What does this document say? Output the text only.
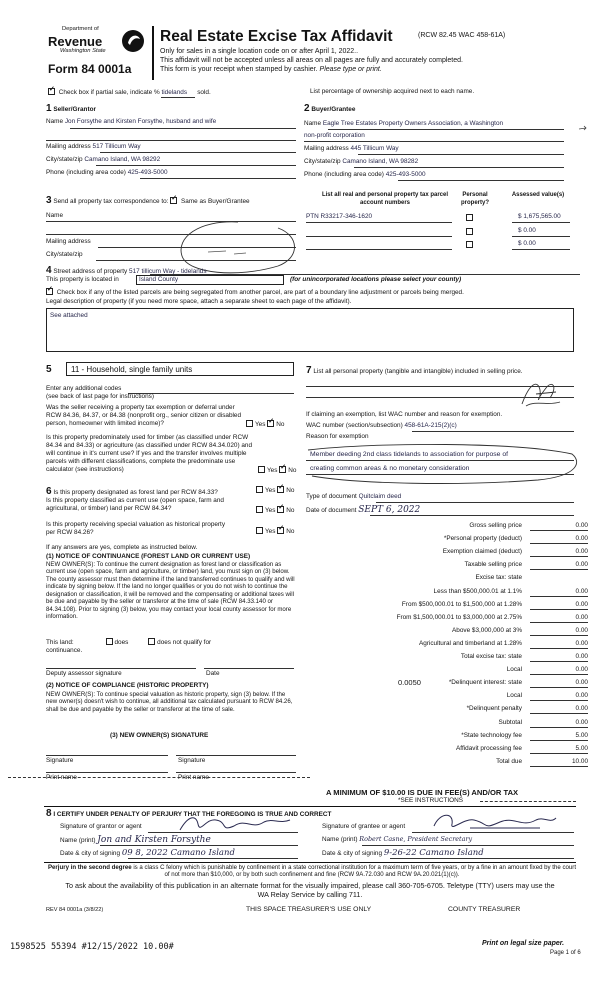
Department of
Revenue
Washington State
Form 84 0001a
Real Estate Excise Tax Affidavit	(RCW 82.45 WAC 458-61A)
Only for sales in a single location code on or after April 1, 2022..
This affidavit will not be accepted unless all areas on all pages are fully and accurately completed.
This form is your receipt when stamped by cashier. Please type or print.
✓ Check box if partial sale, indicate % tidelands sold.	List percentage of ownership acquired next to each name.
1 Seller/Grantor
Name Jon Forsythe and Kirsten Forsythe, husband and wife
Mailing address 517 Tillicum Way
City/state/zip Camano Island, WA 98292
Phone (including area code) 425-493-5000
2 Buyer/Grantee
Name Eagle Tree Estates Property Owners Association, a Washington
non-profit corporation
Mailing address 445 Tillicum Way
City/state/zip Camano Island, WA 98282
Phone (including area code) 425-493-5000
3 Send all property tax correspondence to: ✓ Same as Buyer/Grantee
Name
Mailing address
City/state/zip
List all real and personal property tax parcel account numbers
Personal property?
Assessed value(s)
PTN R33217-346-1620	$ 1,675,565.00
$ 0.00
$ 0.00
4 Street address of property 517 tillicum Way - tidelands
This property is located in	Island County	(for unincorporated locations please select your county)
✓ Check box if any of the listed parcels are being segregated from another parcel, are part of a boundary line adjustment or parcels being merged.
Legal description of property (if you need more space, attach a separate sheet to each page of the affidavit).
See attached
5	11 - Household, single family units
Enter any additional codes
(see back of last page for instructions)
Was the seller receiving a property tax exemption or deferral under RCW 84.36, 84.37, or 84.38 (nonprofit org., senior citizen or disabled person, homeowner with limited income)?	Yes ✓ No
Is this property predominately used for timber (as classified under RCW 84.34 and 84.33) or agriculture (as classified under RCW 84.34.020) and will continue in it's current use? If yes and the transfer involves multiple parcels with different classifications, complete the predominate use calculator (see instructions)	Yes ✓ No
6 Is this property designated as forest land per RCW 84.33?	Yes ✓ No
Is this property classified as current use (open space, farm and agricultural, or timber) land per RCW 84.34?	Yes ✓ No
Is this property receiving special valuation as historical property per RCW 84.26?	Yes ✓ No
If any answers are yes, complete as instructed below.
(1) NOTICE OF CONTINUANCE (FOREST LAND OR CURRENT USE)
NEW OWNER(S): To continue the current designation as forest land or classification as current use (open space, farm and agriculture, or timber) land, you must sign on (3) below. The county assessor must then determine if the land transferred continues to qualify and will indicate by signing below. If the land no longer qualifies or you do not wish to continue the designation or classification, it will be removed and the compensating or additional taxes will be due and payable by the seller or transferor at the time of sale (RCW 84.33.140 or 84.34.108). Prior to signing (3) below, you may contact your local county assessor for more information.
This land:	does	does not qualify for
continuance.
Deputy assessor signature	Date
(2) NOTICE OF COMPLIANCE (HISTORIC PROPERTY)
NEW OWNER(S): To continue special valuation as historic property, sign (3) below. If the new owner(s) doesn't wish to continue, all additional tax calculated pursuant to RCW 84.26, shall be due and payable by the seller or transferor at the time of sale.
(3) NEW OWNER(S) SIGNATURE
Signature	Signature
Print name	Print name
7 List all personal property (tangible and intangible) included in selling price.
If claiming an exemption, list WAC number and reason for exemption.
WAC number (section/subsection) 458-61A-215(2)(c)
Reason for exemption
Member deeding 2nd class tidelands to association for purpose of
creating common areas & no monetary consideration
Type of document Quitclaim deed
Date of document SEPT 6, 2022
Gross selling price	0.00
*Personal property (deduct)	0.00
Exemption claimed (deduct)	0.00
Taxable selling price	0.00
Excise tax: state
Less than $500,000.01 at 1.1%	0.00
From $500,000.01 to $1,500,000 at 1.28%	0.00
From $1,500,000.01 to $3,000,000 at 2.75%	0.00
Above $3,000,000 at 3%	0.00
Agricultural and timberland at 1.28%	0.00
Total excise tax: state	0.00
Local	0.00
*Delinquent interest: state	0.00
Local	0.00
*Delinquent penalty	0.00
Subtotal	0.00
*State technology fee	5.00
Affidavit processing fee	5.00
Total due	10.00
0.0050
A MINIMUM OF $10.00 IS DUE IN FEE(S) AND/OR TAX
*SEE INSTRUCTIONS
8 I CERTIFY UNDER PENALTY OF PERJURY THAT THE FOREGOING IS TRUE AND CORRECT
Signature of grantor or agent
Name (print) Jon and Kirsten Forsythe
Date & city of signing 09 8, 2022 Camano Island
Signature of grantee or agent
Name (print) Robert Casne, President Secretary
Date & city of signing 9-26-22 Camano Island
Perjury in the second degree is a class C felony which is punishable by confinement in a state correctional institution for a maximum term of five years, or by a fine in an amount fixed by the court of not more than $10,000, or by both such confinement and fine (RCW 9A.72.030 and RCW 9A.20.021(1)(c)).
To ask about the availability of this publication in an alternate format for the visually impaired, please call 360-705-6705. Teletype (TTY) users may use the WA Relay Service by calling 711.
REV 84 0001a (3/8/22)	THIS SPACE TREASURER'S USE ONLY	COUNTY TREASURER
1598525 55394 #12/15/2022 10.00#	Print on legal size paper.
Page 1 of 6
